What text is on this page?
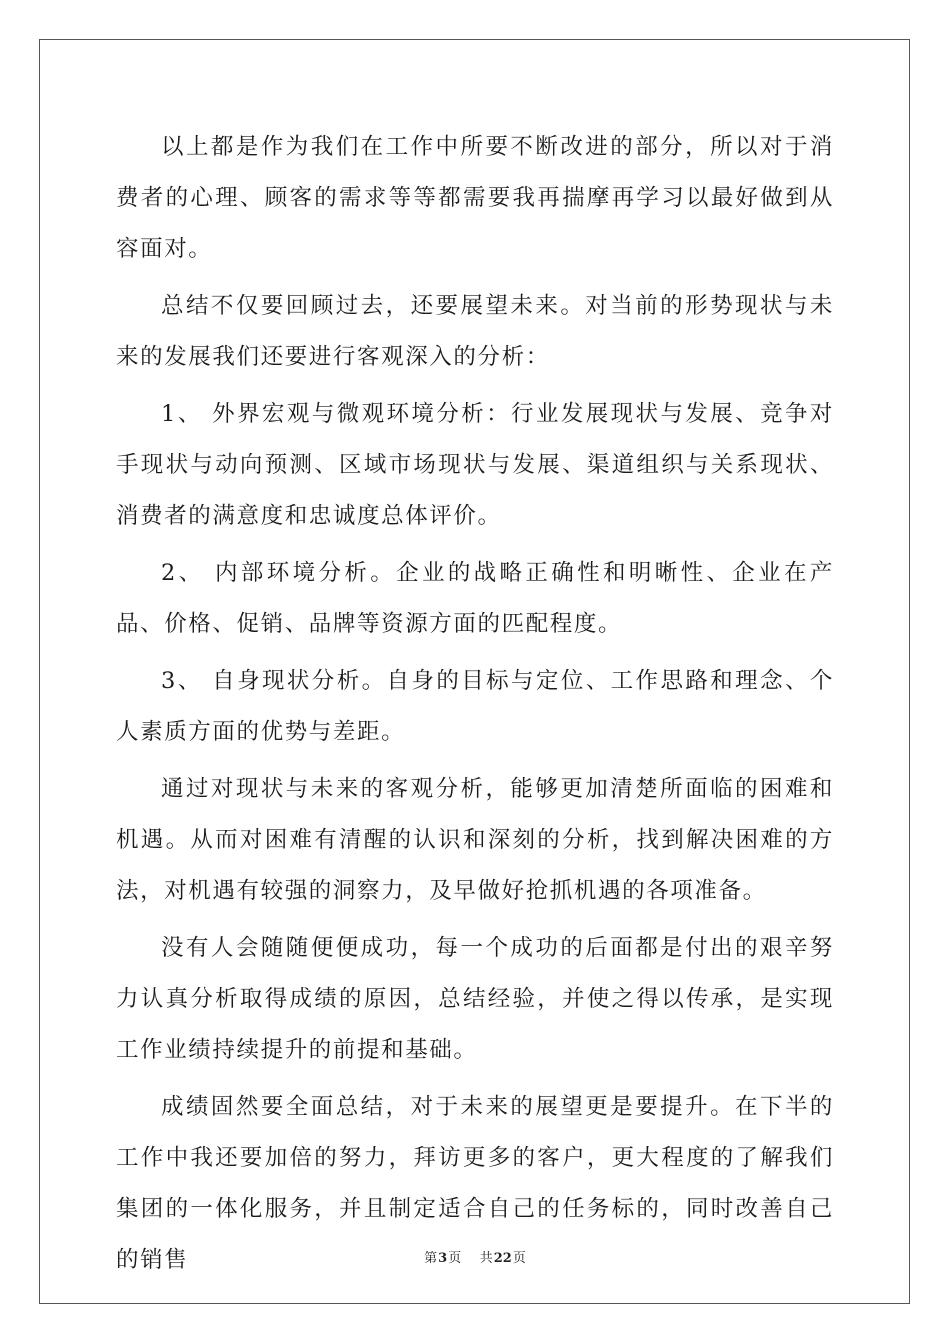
以上都是作为我们在工作中所要不断改进的部分，所以对于消费者的心理、顾客的需求等等都需要我再揣摩再学习以最好做到从容面对。

总结不仅要回顾过去，还要展望未来。对当前的形势现状与未来的发展我们还要进行客观深入的分析：

1、 外界宏观与微观环境分析：行业发展现状与发展、竞争对手现状与动向预测、区域市场现状与发展、渠道组织与关系现状、消费者的满意度和忠诚度总体评价。

2、 内部环境分析。企业的战略正确性和明晰性、企业在产品、价格、促销、品牌等资源方面的匹配程度。

3、 自身现状分析。自身的目标与定位、工作思路和理念、个人素质方面的优势与差距。

通过对现状与未来的客观分析，能够更加清楚所面临的困难和机遇。从而对困难有清醒的认识和深刻的分析，找到解决困难的方法，对机遇有较强的洞察力，及早做好抢抓机遇的各项准备。

没有人会随随便便成功，每一个成功的后面都是付出的艰辛努力认真分析取得成绩的原因，总结经验，并使之得以传承，是实现工作业绩持续提升的前提和基础。

成绩固然要全面总结，对于未来的展望更是要提升。在下半的工作中我还要加倍的努力，拜访更多的客户，更大程度的了解我们集团的一体化服务，并且制定适合自己的任务标的，同时改善自己的销售	第3页 共22页
